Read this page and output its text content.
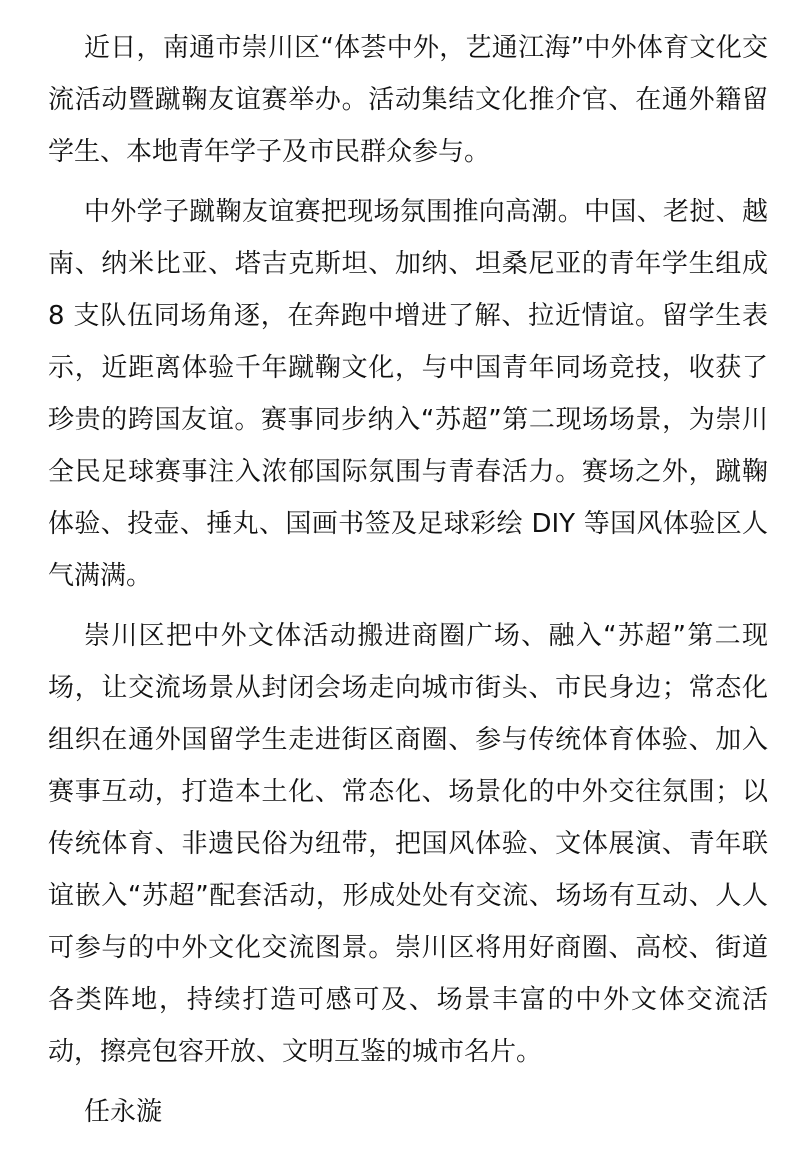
近日，南通市崇川区“体荟中外，艺通江海”中外体育文化交流活动暨蹴鞠友谊赛举办。活动集结文化推介官、在通外籍留学生、本地青年学子及市民群众参与。

中外学子蹴鞠友谊赛把现场氛围推向高潮。中国、老挝、越南、纳米比亚、塔吉克斯坦、加纳、坦桑尼亚的青年学生组成 8 支队伍同场角逐，在奔跑中增进了解、拉近情谊。留学生表示，近距离体验千年蹴鞠文化，与中国青年同场竞技，收获了珍贵的跨国友谊。赛事同步纳入“苏超”第二现场场景，为崇川全民足球赛事注入浓郁国际氛围与青春活力。赛场之外，蹴鞠体验、投壶、捶丸、国画书签及足球彩绘 DIY 等国风体验区人气满满。

崇川区把中外文体活动搬进商圈广场、融入“苏超”第二现场，让交流场景从封闭会场走向城市街头、市民身边；常态化组织在通外国留学生走进街区商圈、参与传统体育体验、加入赛事互动，打造本土化、常态化、场景化的中外交往氛围；以传统体育、非遗民俗为纽带，把国风体验、文体展演、青年联谊嵌入“苏超”配套活动，形成处处有交流、场场有互动、人人可参与的中外文化交流图景。崇川区将用好商圈、高校、街道各类阵地，持续打造可感可及、场景丰富的中外文体交流活动，擦亮包容开放、文明互鉴的城市名片。

任永漩
